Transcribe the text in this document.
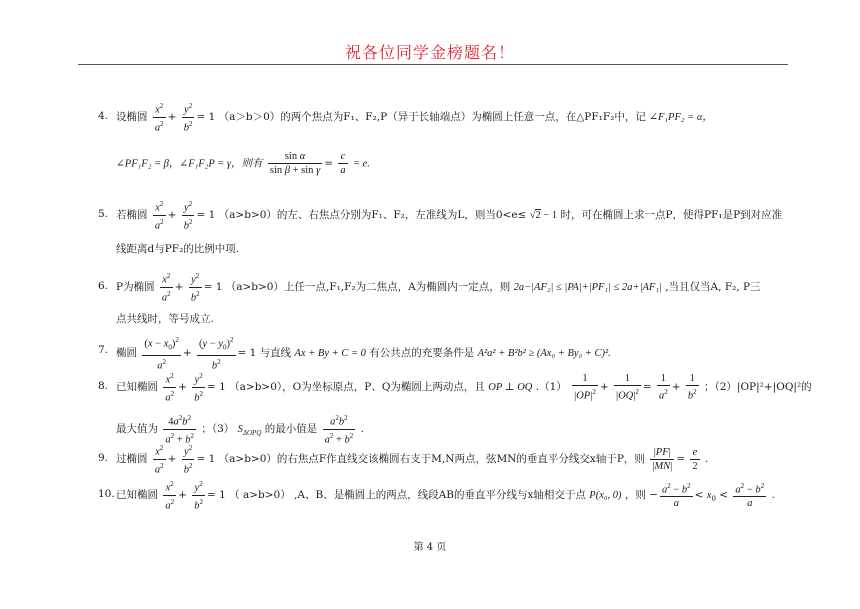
祝各位同学金榜题名！
4. 设椭圆 $\frac{x^2}{a^2} + \frac{y^2}{b^2} = 1$ （a＞b＞0）的两个焦点为F₁、F₂,P（异于长轴端点）为椭圆上任意一点，在△PF₁F₂中，记 ∠F₁PF₂ = α，
∠PF₁F₂ = β，∠F₁F₂P = γ，则有 $\frac{\text{sin α}}{\text{sin β + sin γ}} = \frac{c}{a} = e$.
5. 若椭圆 $\frac{x^2}{a^2} + \frac{y^2}{b^2} = 1$ （a>b>0）的左、右焦点分别为F₁、F₂，左准线为L，则当0<e≤ √2 − 1 时，可在椭圆上求一点P，使得PF₁是P到对应准
线距离d与PF₂的比例中项.
6. P为椭圆 $\frac{x^2}{a^2} + \frac{y^2}{b^2} = 1$ （a>b>0）上任一点,F₁,F₂为二焦点，A为椭圆内一定点，则 2a−|AF₂| ≤ |PA|+|PF₁| ≤ 2a+|AF₁| ,当且仅当A, F₂, P三
点共线时，等号成立.
7. 椭圆 $\frac{(x - x_0)^2}{a^2} + \frac{(y - y_0)^2}{b^2} = 1$ 与直线 Ax + By + C = 0 有公共点的充要条件是 A²a² + B²b² ≥ (Ax₀ + By₀ + C)².
8. 已知椭圆 $\frac{x^2}{a^2} + \frac{y^2}{b^2} = 1$ （a>b>0），O为坐标原点，P、Q为椭圆上两动点，且 OP ⊥ OQ $.(1) \frac{1}{|OP|^2} + \frac{1}{|OQ|^2} = \frac{1}{a^2} + \frac{1}{b^2}$ ；（2）|OP|²+|OQ|²的
最大值为 $\frac{4a^2b^2}{a^2 + b^2}$ ；（3） $S_{\Delta OPQ}$ 的最小值是 $\frac{a^2b^2}{a^2 + b^2}$ .
9. 过椭圆 $\frac{x^2}{a^2} + \frac{y^2}{b^2} = 1$ （a>b>0）的右焦点F作直线交该椭圆右支于M,N两点，弦MN的垂直平分线交x轴于P，则 $\frac{|PF|}{|MN|} = \frac{e}{2}$ .
10. 已知椭圆 $\frac{x^2}{a^2} + \frac{y^2}{b^2} = 1$ （ a>b>0） ,A、B、是椭圆上的两点，线段AB的垂直平分线与x轴相交于点 P(x₀, 0) ，则 − $\frac{a^2 - b^2}{a} < x_0 < \frac{a^2 - b^2}{a}$ .
第 4 页
